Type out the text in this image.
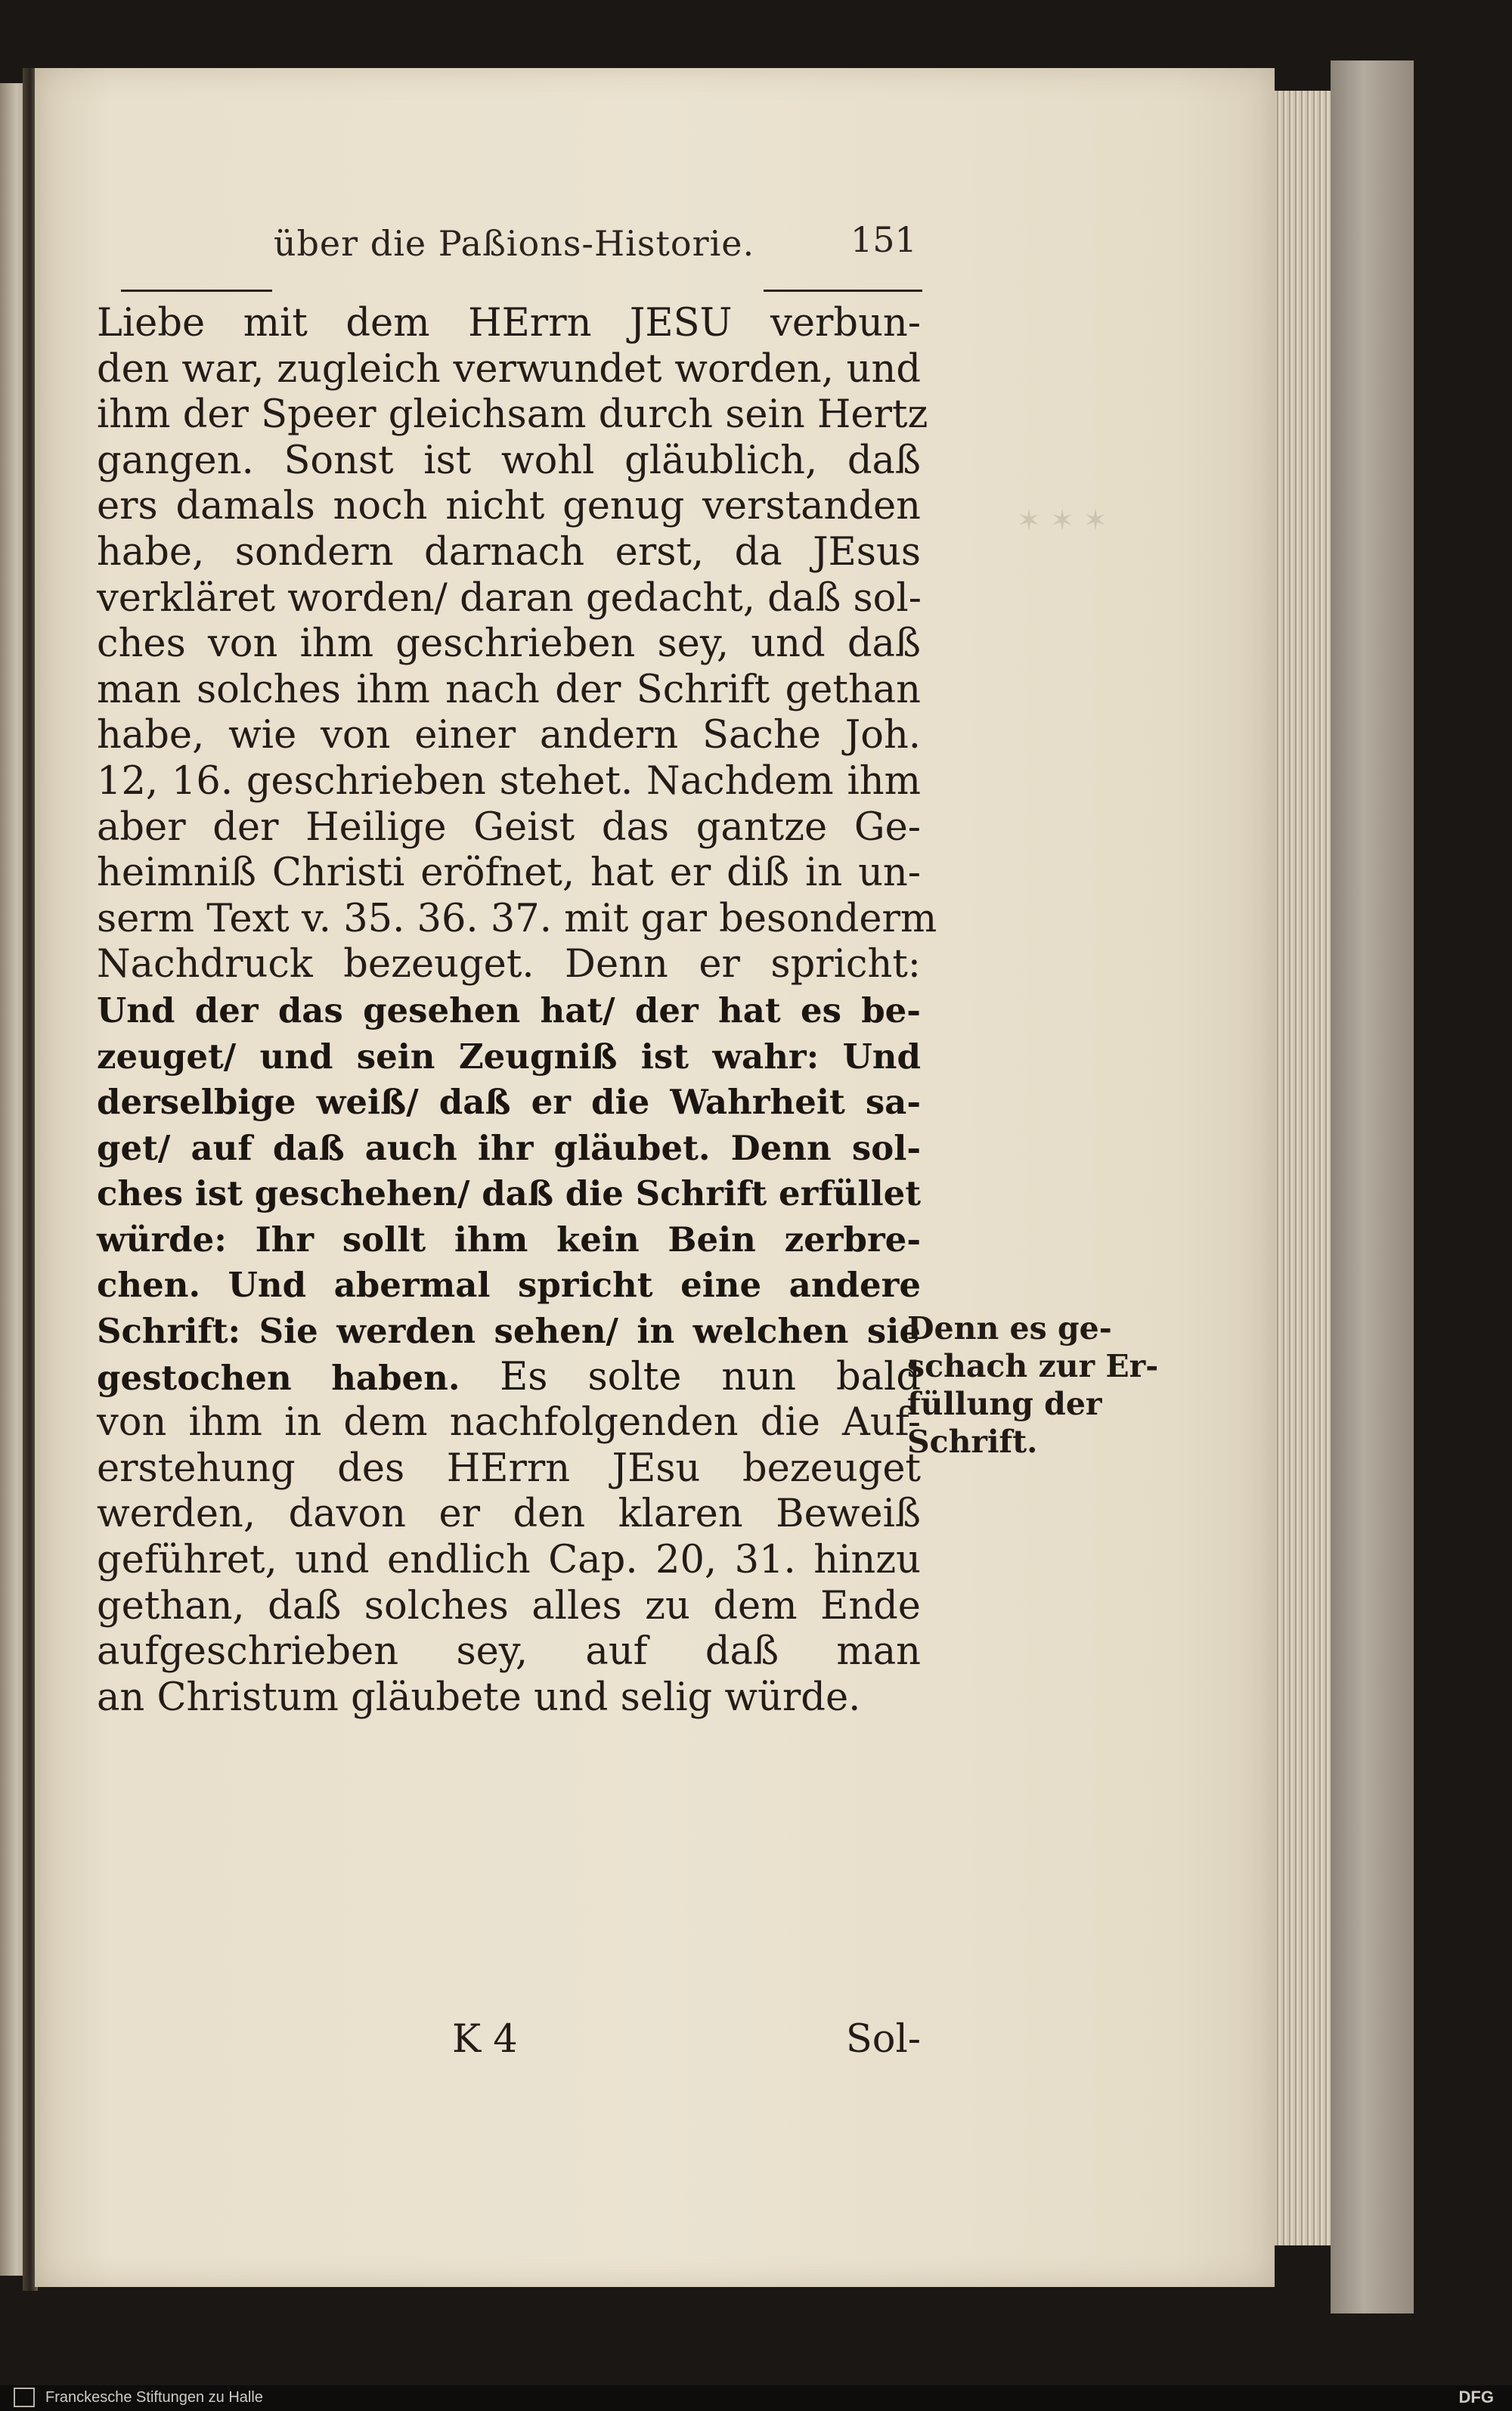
✶ ✶ ✶
über die Paßions-Historie.	151
Liebe mit dem HErrn JESU verbun-
den war, zugleich verwundet worden, und
ihm der Speer gleichsam durch sein Hertz
gangen. Sonst ist wohl gläublich, daß
ers damals noch nicht genug verstanden
habe, sondern darnach erst, da JEsus
verkläret worden/ daran gedacht, daß sol-
ches von ihm geschrieben sey, und daß
man solches ihm nach der Schrift gethan
habe, wie von einer andern Sache Joh.
12, 16. geschrieben stehet. Nachdem ihm
aber der Heilige Geist das gantze Ge-
heimniß Christi eröfnet, hat er diß in un-
serm Text v. 35. 36. 37. mit gar besonderm
Nachdruck bezeuget. Denn er spricht:
Und der das gesehen hat/ der hat es be-
zeuget/ und sein Zeugniß ist wahr: Und
derselbige weiß/ daß er die Wahrheit sa-
get/ auf daß auch ihr gläubet. Denn sol-
ches ist geschehen/ daß die Schrift erfüllet
würde: Ihr sollt ihm kein Bein zerbre-
chen. Und abermal spricht eine andere
Schrift: Sie werden sehen/ in welchen sie
gestochen haben. Es solte nun bald
von ihm in dem nachfolgenden die Auf-
erstehung des HErrn JEsu bezeuget
werden, davon er den klaren Beweiß
geführet, und endlich Cap. 20, 31. hinzu
gethan, daß solches alles zu dem Ende
aufgeschrieben sey, auf daß man
an Christum gläubete und selig würde.
K 4	Sol-
Denn es ge-
schach zur Er-
füllung der
Schrift.
Franckesche Stiftungen zu Halle	DFG
